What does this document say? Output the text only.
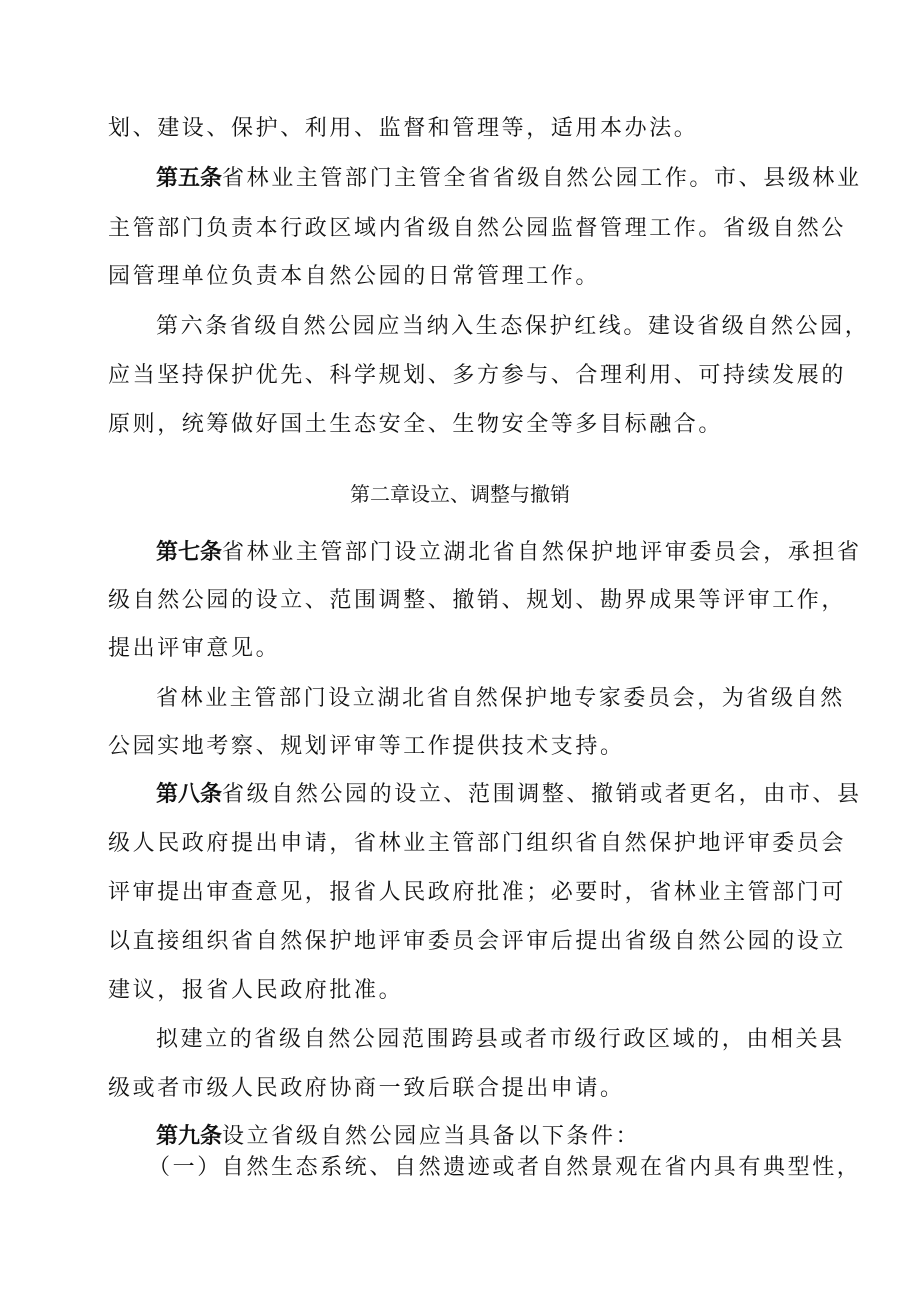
划、建设、保护、利用、监督和管理等，适用本办法。
第五条省林业主管部门主管全省省级自然公园工作。市、县级林业
主管部门负责本行政区域内省级自然公园监督管理工作。省级自然公
园管理单位负责本自然公园的日常管理工作。
第六条省级自然公园应当纳入生态保护红线。建设省级自然公园，
应当坚持保护优先、科学规划、多方参与、合理利用、可持续发展的
原则，统筹做好国土生态安全、生物安全等多目标融合。
第二章设立、调整与撤销
第七条省林业主管部门设立湖北省自然保护地评审委员会，承担省
级自然公园的设立、范围调整、撤销、规划、勘界成果等评审工作，
提出评审意见。
省林业主管部门设立湖北省自然保护地专家委员会，为省级自然
公园实地考察、规划评审等工作提供技术支持。
第八条省级自然公园的设立、范围调整、撤销或者更名，由市、县
级人民政府提出申请，省林业主管部门组织省自然保护地评审委员会
评审提出审查意见，报省人民政府批准；必要时，省林业主管部门可
以直接组织省自然保护地评审委员会评审后提出省级自然公园的设立
建议，报省人民政府批准。
拟建立的省级自然公园范围跨县或者市级行政区域的，由相关县
级或者市级人民政府协商一致后联合提出申请。
第九条设立省级自然公园应当具备以下条件：
（一）自然生态系统、自然遗迹或者自然景观在省内具有典型性，
